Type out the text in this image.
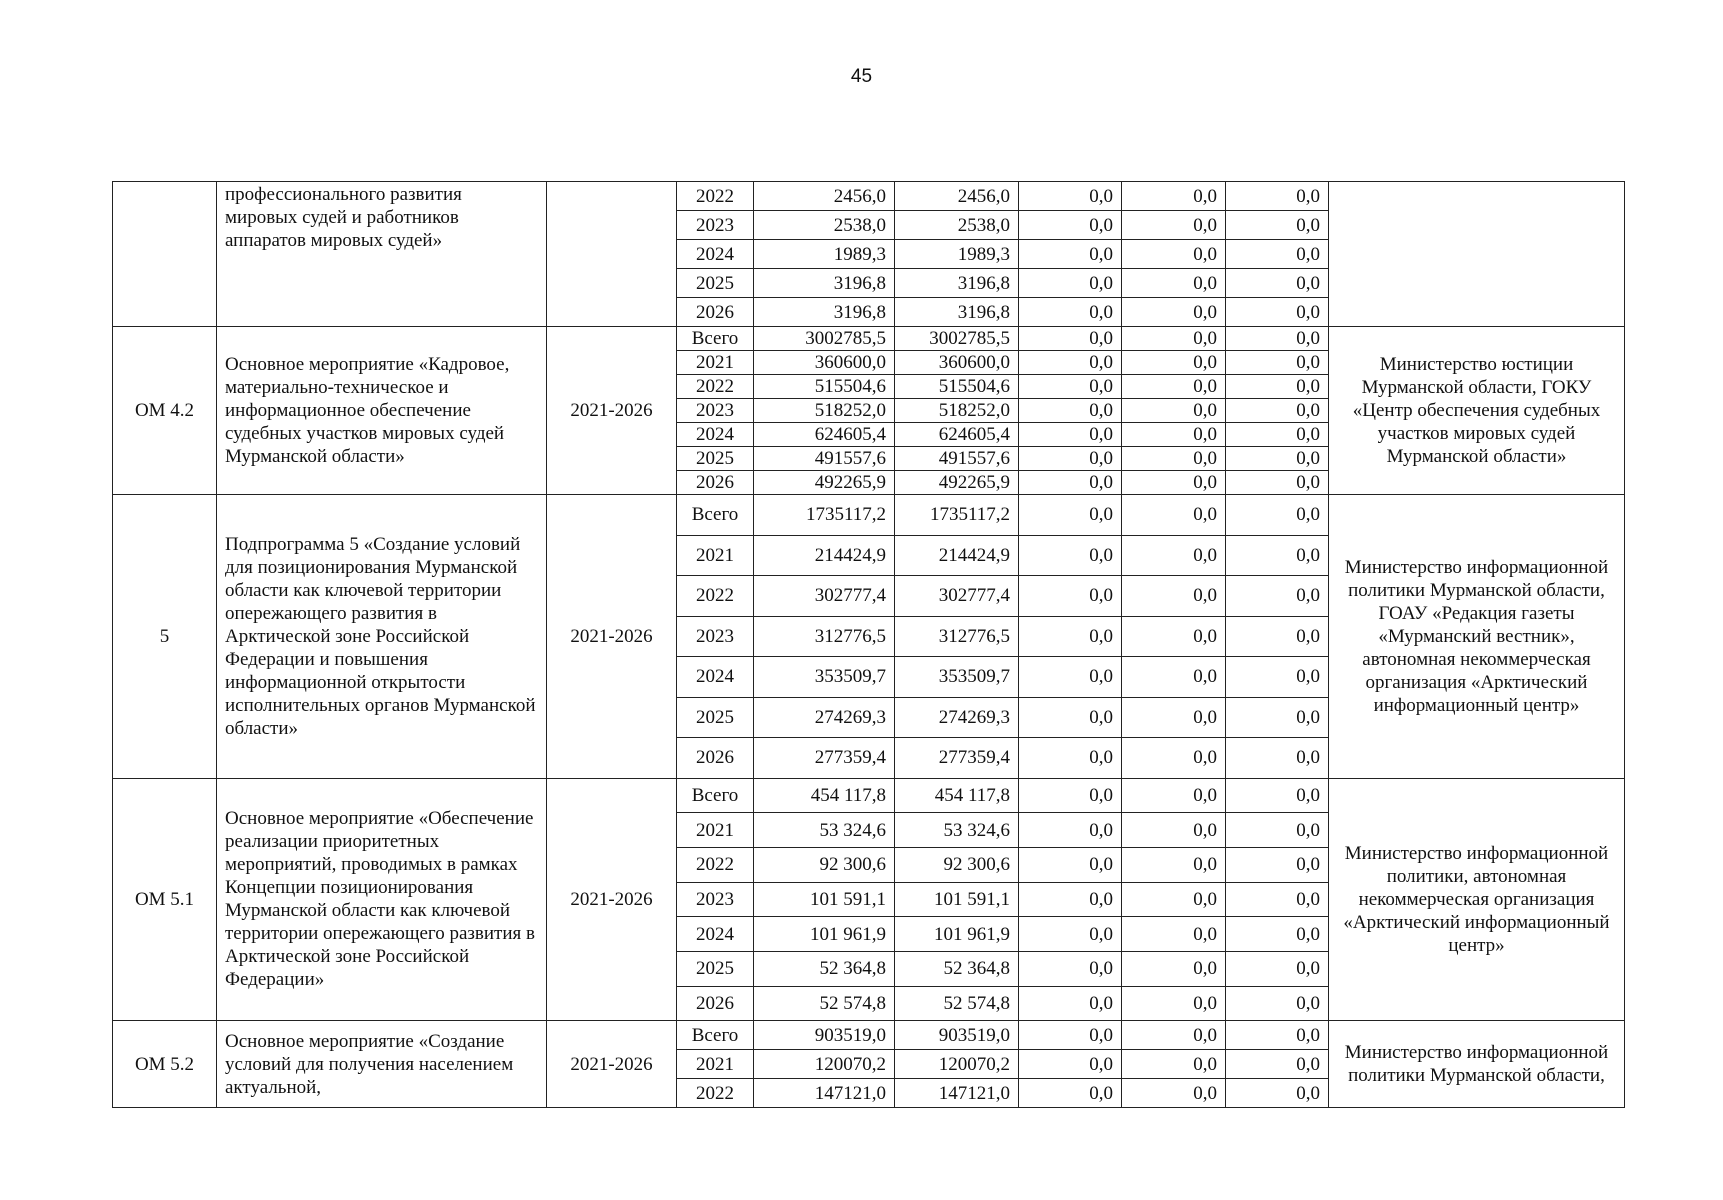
45
	профессионального развития мировых судей и работников аппаратов мировых судей»		2022	2456,0	2456,0	0,0	0,0	0,0	
			2023	2538,0	2538,0	0,0	0,0	0,0	
			2024	1989,3	1989,3	0,0	0,0	0,0	
			2025	3196,8	3196,8	0,0	0,0	0,0	
			2026	3196,8	3196,8	0,0	0,0	0,0	
ОМ 4.2	Основное мероприятие «Кадровое, материально-техническое и информационное обеспечение судебных участков мировых судей Мурманской области»	2021-2026	Всего	3002785,5	3002785,5	0,0	0,0	0,0	Министерство юстиции Мурманской области, ГОКУ «Центр обеспечения судебных участков мировых судей Мурманской области»
			2021	360600,0	360600,0	0,0	0,0	0,0	
			2022	515504,6	515504,6	0,0	0,0	0,0	
			2023	518252,0	518252,0	0,0	0,0	0,0	
			2024	624605,4	624605,4	0,0	0,0	0,0	
			2025	491557,6	491557,6	0,0	0,0	0,0	
			2026	492265,9	492265,9	0,0	0,0	0,0	
5	Подпрограмма 5 «Создание условий для позиционирования Мурманской области как ключевой территории опережающего развития в Арктической зоне Российской Федерации и повышения информационной открытости исполнительных органов Мурманской области»	2021-2026	Всего	1735117,2	1735117,2	0,0	0,0	0,0	Министерство информационной политики Мурманской области, ГОАУ «Редакция газеты «Мурманский вестник», автономная некоммерческая организация «Арктический информационный центр»
			2021	214424,9	214424,9	0,0	0,0	0,0	
			2022	302777,4	302777,4	0,0	0,0	0,0	
			2023	312776,5	312776,5	0,0	0,0	0,0	
			2024	353509,7	353509,7	0,0	0,0	0,0	
			2025	274269,3	274269,3	0,0	0,0	0,0	
			2026	277359,4	277359,4	0,0	0,0	0,0	
ОМ 5.1	Основное мероприятие «Обеспечение реализации приоритетных мероприятий, проводимых в рамках Концепции позиционирования Мурманской области как ключевой территории опережающего развития в Арктической зоне Российской Федерации»	2021-2026	Всего	454 117,8	454 117,8	0,0	0,0	0,0	Министерство информационной политики, автономная некоммерческая организация «Арктический информационный центр»
			2021	53 324,6	53 324,6	0,0	0,0	0,0	
			2022	92 300,6	92 300,6	0,0	0,0	0,0	
			2023	101 591,1	101 591,1	0,0	0,0	0,0	
			2024	101 961,9	101 961,9	0,0	0,0	0,0	
			2025	52 364,8	52 364,8	0,0	0,0	0,0	
			2026	52 574,8	52 574,8	0,0	0,0	0,0	
ОМ 5.2	Основное мероприятие «Создание условий для получения населением актуальной,	2021-2026	Всего	903519,0	903519,0	0,0	0,0	0,0	Министерство информационной политики Мурманской области,
			2021	120070,2	120070,2	0,0	0,0	0,0	
			2022	147121,0	147121,0	0,0	0,0	0,0	
